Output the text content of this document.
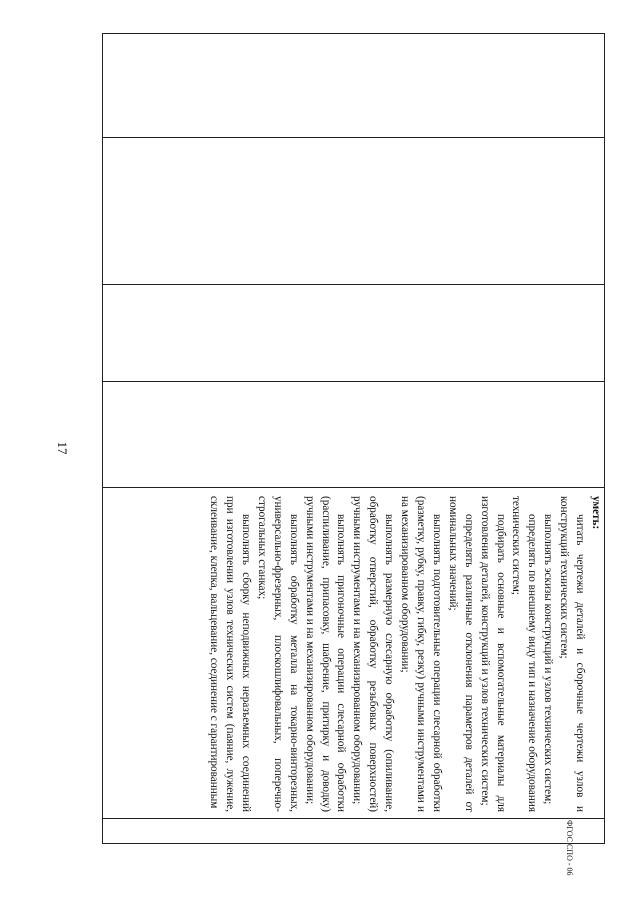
17

уметь:

читать чертежи деталей и сборочные чертежи узлов и конструкций технических систем;

выполнять эскизы конструкций и узлов технических систем;

определять по внешнему виду тип и назначение оборудования технических систем;

подбирать основные и вспомогательные материалы для изготовления деталей, конструкций и узлов технических систем;

определять различные отклонения параметров деталей от номинальных значений;

выполнять подготовительные операции слесарной обработки (разметку, рубку, правку, гибку, резку) ручными инструментами и на механизированном оборудовании;

выполнять размерную слесарную обработку (опиливание, обработку отверстий, обработку резьбовых поверхностей) ручными инструментами и на механизированном оборудовании;

выполнять пригоночные операции слесарной обработки (распиливание, припасовку, шабрение, притирку и доводку) ручными инструментами и на механизированном оборудовании;

выполнять обработку металла на токарно-винторезных, универсально-фрезерных, плоскошлифовальных, поперечно-строгальных станках;

выполнять сборку неподвижных неразъемных соединений при изготовлении узлов технических систем (паяние, лужение, склеивание, клепка, вальцевание, соединение с гарантированным

ФГОС СПО - 06
